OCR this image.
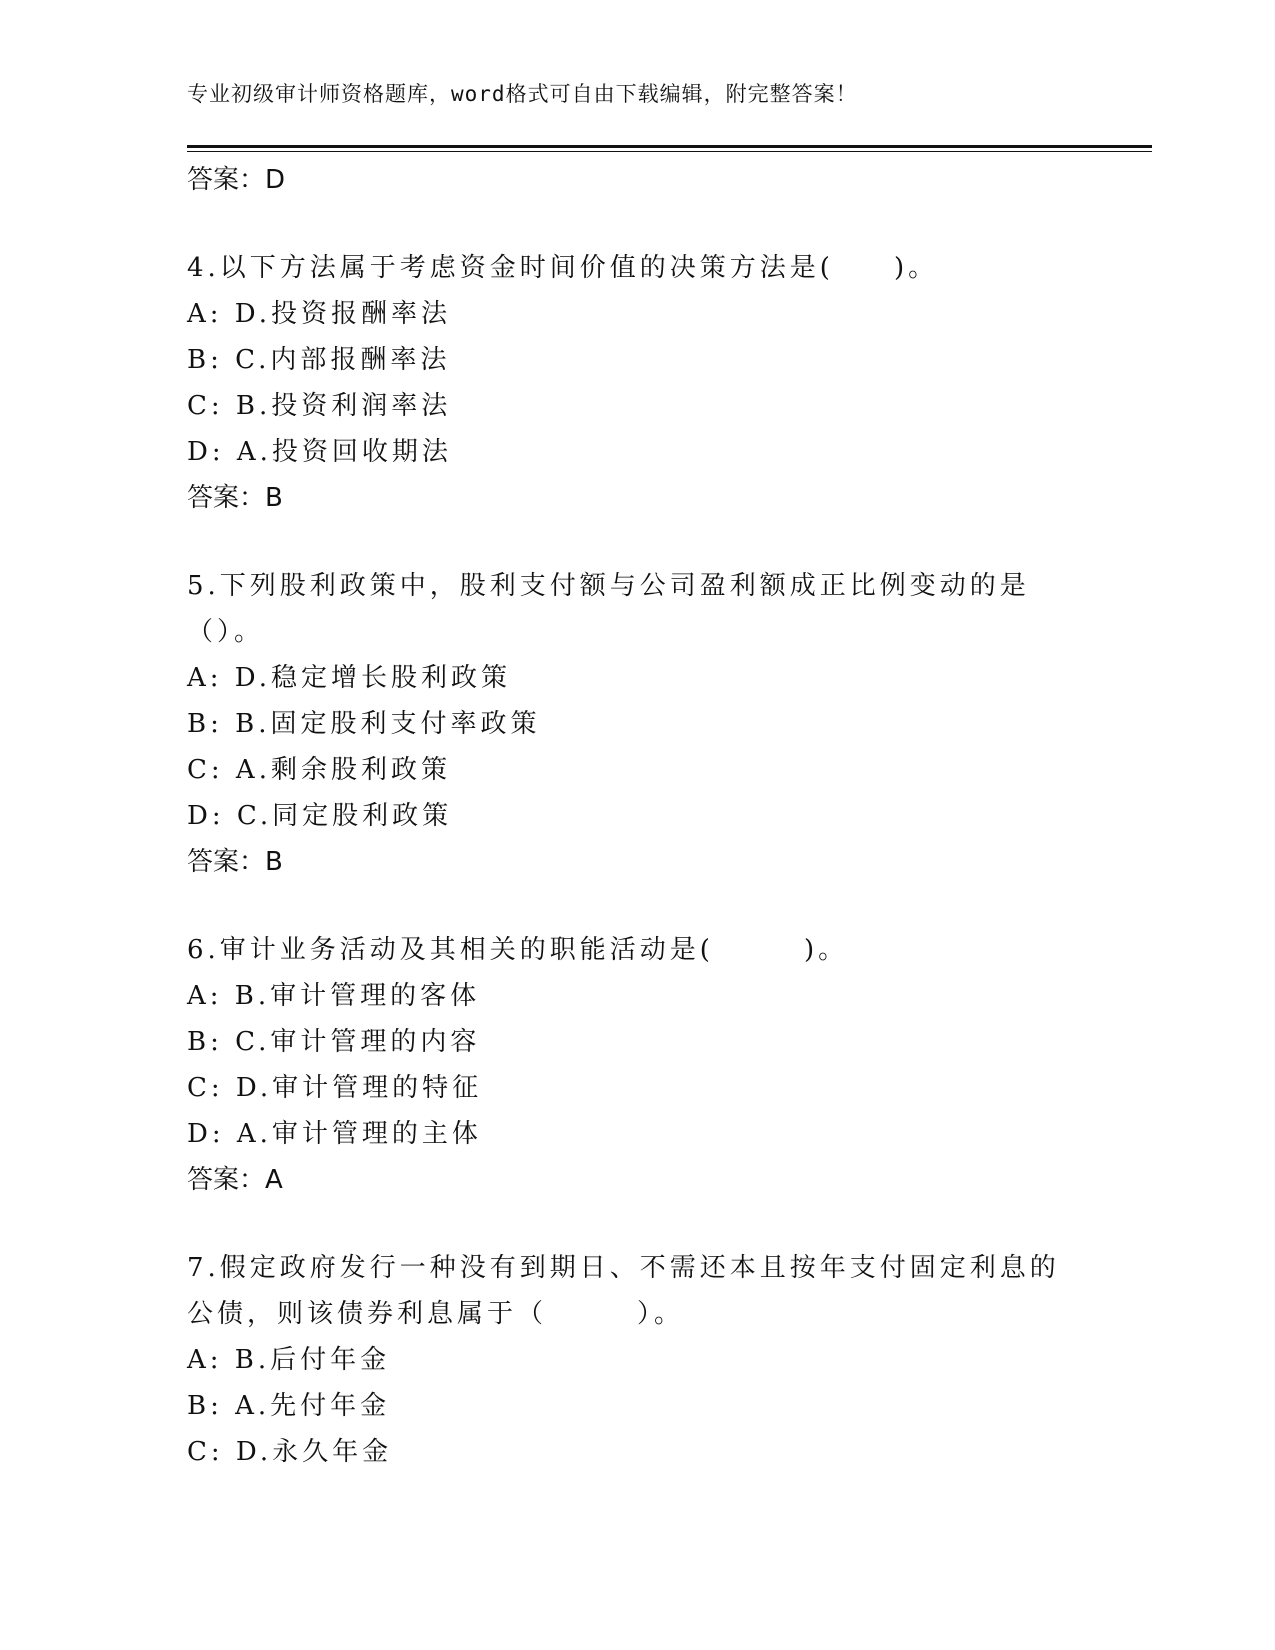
专业初级审计师资格题库，word格式可自由下载编辑，附完整答案！
答案：D
4.以下方法属于考虑资金时间价值的决策方法是(　　)。
A: D.投资报酬率法
B: C.内部报酬率法
C: B.投资利润率法
D: A.投资回收期法
答案：B
5.下列股利政策中，股利支付额与公司盈利额成正比例变动的是（）。
A: D.稳定增长股利政策
B: B.固定股利支付率政策
C: A.剩余股利政策
D: C.同定股利政策
答案：B
6.审计业务活动及其相关的职能活动是(　　　)。
A: B.审计管理的客体
B: C.审计管理的内容
C: D.审计管理的特征
D: A.审计管理的主体
答案：A
7.假定政府发行一种没有到期日、不需还本且按年支付固定利息的公债，则该债券利息属于（　　　）。
A: B.后付年金
B: A.先付年金
C: D.永久年金
